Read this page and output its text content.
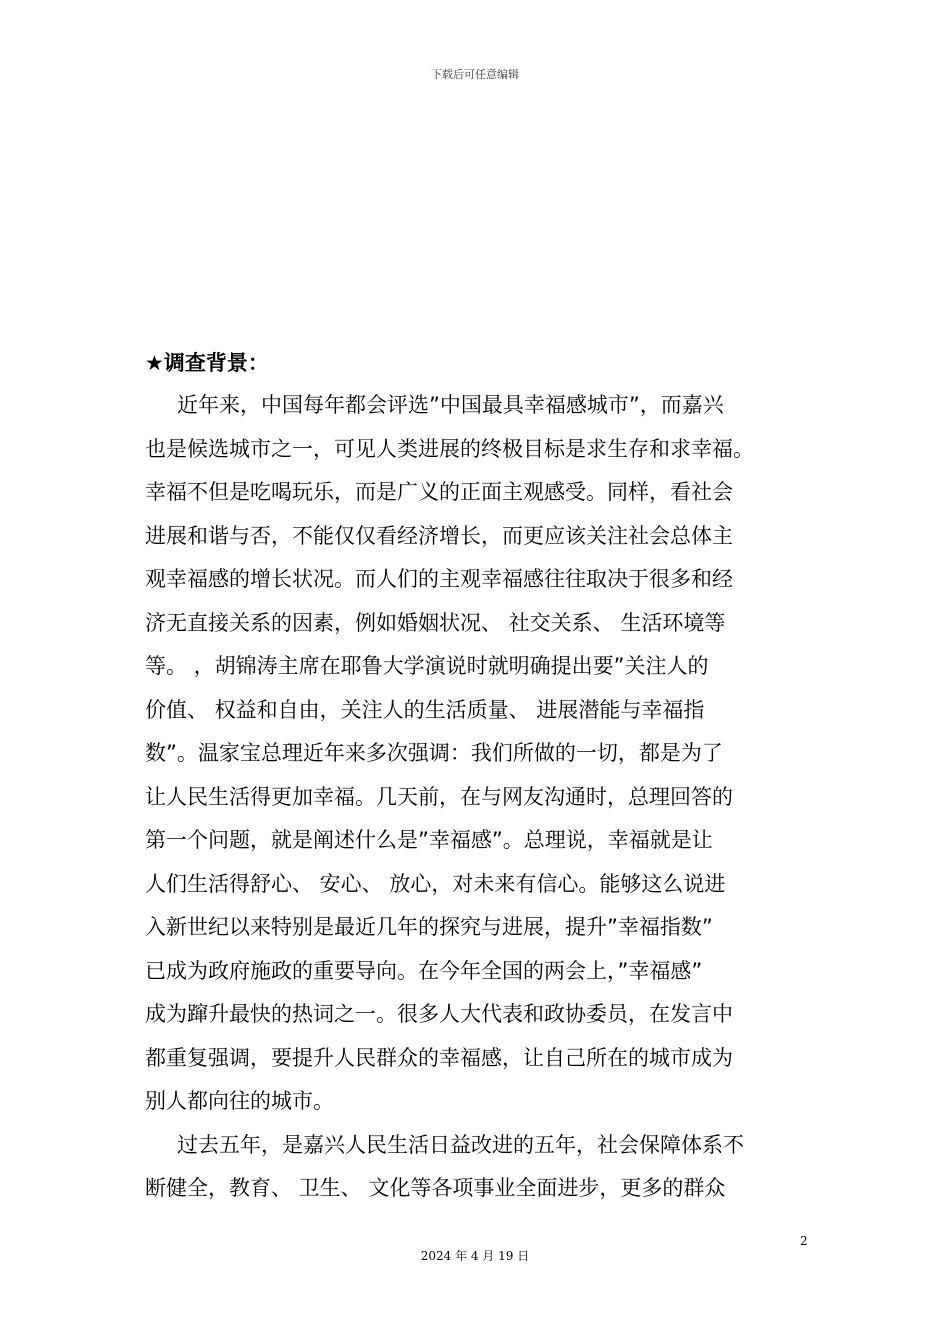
下载后可任意编辑
★调查背景：
近年来，中国每年都会评选”中国最具幸福感城市”，而嘉兴
也是候选城市之一，可见人类进展的终极目标是求生存和求幸福。
幸福不但是吃喝玩乐，而是广义的正面主观感受。同样，看社会
进展和谐与否，不能仅仅看经济增长，而更应该关注社会总体主
观幸福感的增长状况。而人们的主观幸福感往往取决于很多和经
济无直接关系的因素，例如婚姻状况、 社交关系、 生活环境等
等。 ，胡锦涛主席在耶鲁大学演说时就明确提出要”关注人的
价值、 权益和自由，关注人的生活质量、 进展潜能与幸福指
数”。温家宝总理近年来多次强调：我们所做的一切，都是为了
让人民生活得更加幸福。几天前，在与网友沟通时，总理回答的
第一个问题，就是阐述什么是”幸福感”。总理说，幸福就是让
人们生活得舒心、 安心、 放心，对未来有信心。能够这么说进
入新世纪以来特别是最近几年的探究与进展，提升”幸福指数”
已成为政府施政的重要导向。在今年全国的两会上，”幸福感”
成为蹿升最快的热词之一。很多人大代表和政协委员，在发言中
都重复强调，要提升人民群众的幸福感，让自己所在的城市成为
别人都向往的城市。
过去五年，是嘉兴人民生活日益改进的五年，社会保障体系不
断健全，教育、 卫生、 文化等各项事业全面进步，更多的群众
2
2024 年 4 月 19 日
